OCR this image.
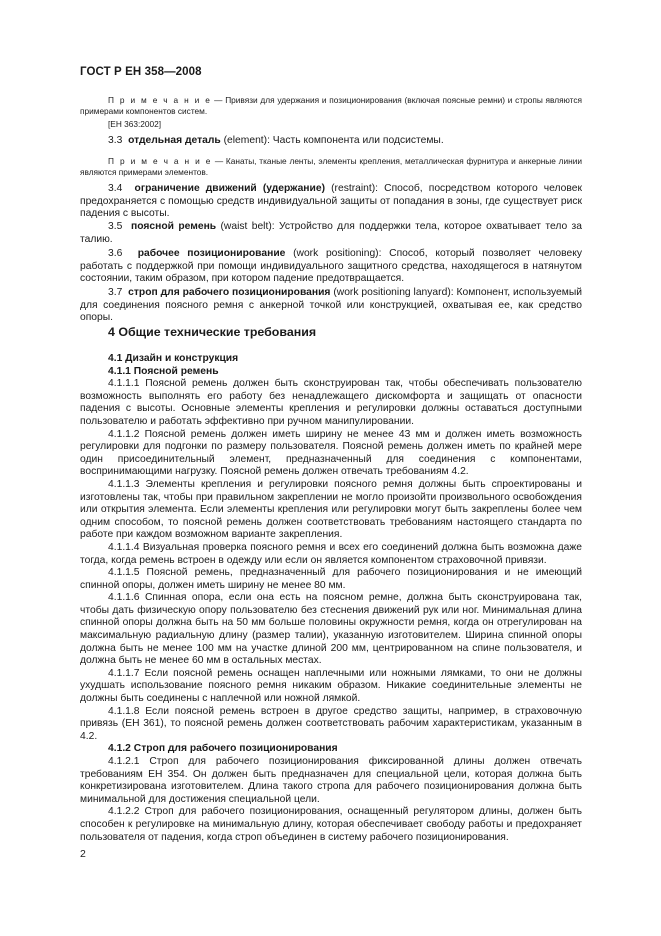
ГОСТ Р ЕН 358—2008
П р и м е ч а н и е — Привязи для удержания и позиционирования (включая поясные ремни) и стропы являются примерами компонентов систем.
[ЕН 363:2002]
3.3 отдельная деталь (element): Часть компонента или подсистемы.
П р и м е ч а н и е — Канаты, тканые ленты, элементы крепления, металлическая фурнитура и анкерные линии являются примерами элементов.
3.4 ограничение движений (удержание) (restraint): Способ, посредством которого человек предохраняется с помощью средств индивидуальной защиты от попадания в зоны, где существует риск падения с высоты.
3.5 поясной ремень (waist belt): Устройство для поддержки тела, которое охватывает тело за талию.
3.6 рабочее позиционирование (work positioning): Способ, который позволяет человеку работать с поддержкой при помощи индивидуального защитного средства, находящегося в натянутом состоянии, таким образом, при котором падение предотвращается.
3.7 строп для рабочего позиционирования (work positioning lanyard): Компонент, используемый для соединения поясного ремня с анкерной точкой или конструкцией, охватывая ее, как средство опоры.
4 Общие технические требования

4.1 Дизайн и конструкция

4.1.1 Поясной ремень

4.1.1.1 Поясной ремень должен быть сконструирован так, чтобы обеспечивать пользователю возможность выполнять его работу без ненадлежащего дискомфорта и защищать от опасности падения с высоты. Основные элементы крепления и регулировки должны оставаться доступными пользователю и работать эффективно при ручном манипулировании.

4.1.1.2 Поясной ремень должен иметь ширину не менее 43 мм и должен иметь возможность регулировки для подгонки по размеру пользователя. Поясной ремень должен иметь по крайней мере один присоединительный элемент, предназначенный для соединения с компонентами, воспринимающими нагрузку. Поясной ремень должен отвечать требованиям 4.2.

4.1.1.3 Элементы крепления и регулировки поясного ремня должны быть спроектированы и изготовлены так, чтобы при правильном закреплении не могло произойти произвольного освобождения или открытия элемента. Если элементы крепления или регулировки могут быть закреплены более чем одним способом, то поясной ремень должен соответствовать требованиям настоящего стандарта по работе при каждом возможном варианте закрепления.

4.1.1.4 Визуальная проверка поясного ремня и всех его соединений должна быть возможна даже тогда, когда ремень встроен в одежду или если он является компонентом страховочной привязи.

4.1.1.5 Поясной ремень, предназначенный для рабочего позиционирования и не имеющий спинной опоры, должен иметь ширину не менее 80 мм.

4.1.1.6 Спинная опора, если она есть на поясном ремне, должна быть сконструирована так, чтобы дать физическую опору пользователю без стеснения движений рук или ног. Минимальная длина спинной опоры должна быть на 50 мм больше половины окружности ремня, когда он отрегулирован на максимальную радиальную длину (размер талии), указанную изготовителем. Ширина спинной опоры должна быть не менее 100 мм на участке длиной 200 мм, центрированном на спине пользователя, и должна быть не менее 60 мм в остальных местах.

4.1.1.7 Если поясной ремень оснащен наплечными или ножными лямками, то они не должны ухудшать использование поясного ремня никаким образом. Никакие соединительные элементы не должны быть соединены с наплечной или ножной лямкой.

4.1.1.8 Если поясной ремень встроен в другое средство защиты, например, в страховочную привязь (ЕН 361), то поясной ремень должен соответствовать рабочим характеристикам, указанным в 4.2.

4.1.2 Строп для рабочего позиционирования

4.1.2.1 Строп для рабочего позиционирования фиксированной длины должен отвечать требованиям ЕН 354. Он должен быть предназначен для специальной цели, которая должна быть конкретизирована изготовителем. Длина такого стропа для рабочего позиционирования должна быть минимальной для достижения специальной цели.

4.1.2.2 Строп для рабочего позиционирования, оснащенный регулятором длины, должен быть способен к регулировке на минимальную длину, которая обеспечивает свободу работы и предохраняет пользователя от падения, когда строп объединен в систему рабочего позиционирования.

2
